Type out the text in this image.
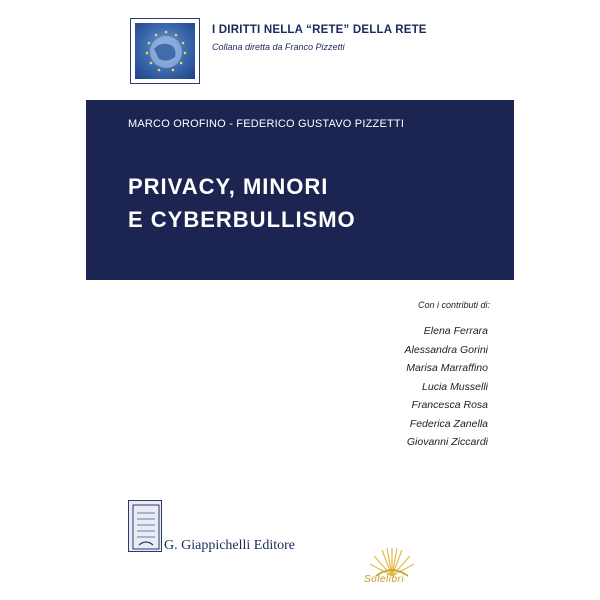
I DIRITTI NELLA “RETE” DELLA RETE
Collana diretta da Franco Pizzetti
MARCO OROFINO - FEDERICO GUSTAVO PIZZETTI
PRIVACY, MINORI
E CYBERBULLISMO
Con i contributi di:
Elena Ferrara
Alessandra Gorini
Marisa Marraffino
Lucia Musselli
Francesca Rosa
Federica Zanella
Giovanni Ziccardi
G. Giappichelli Editore
Solelibri
